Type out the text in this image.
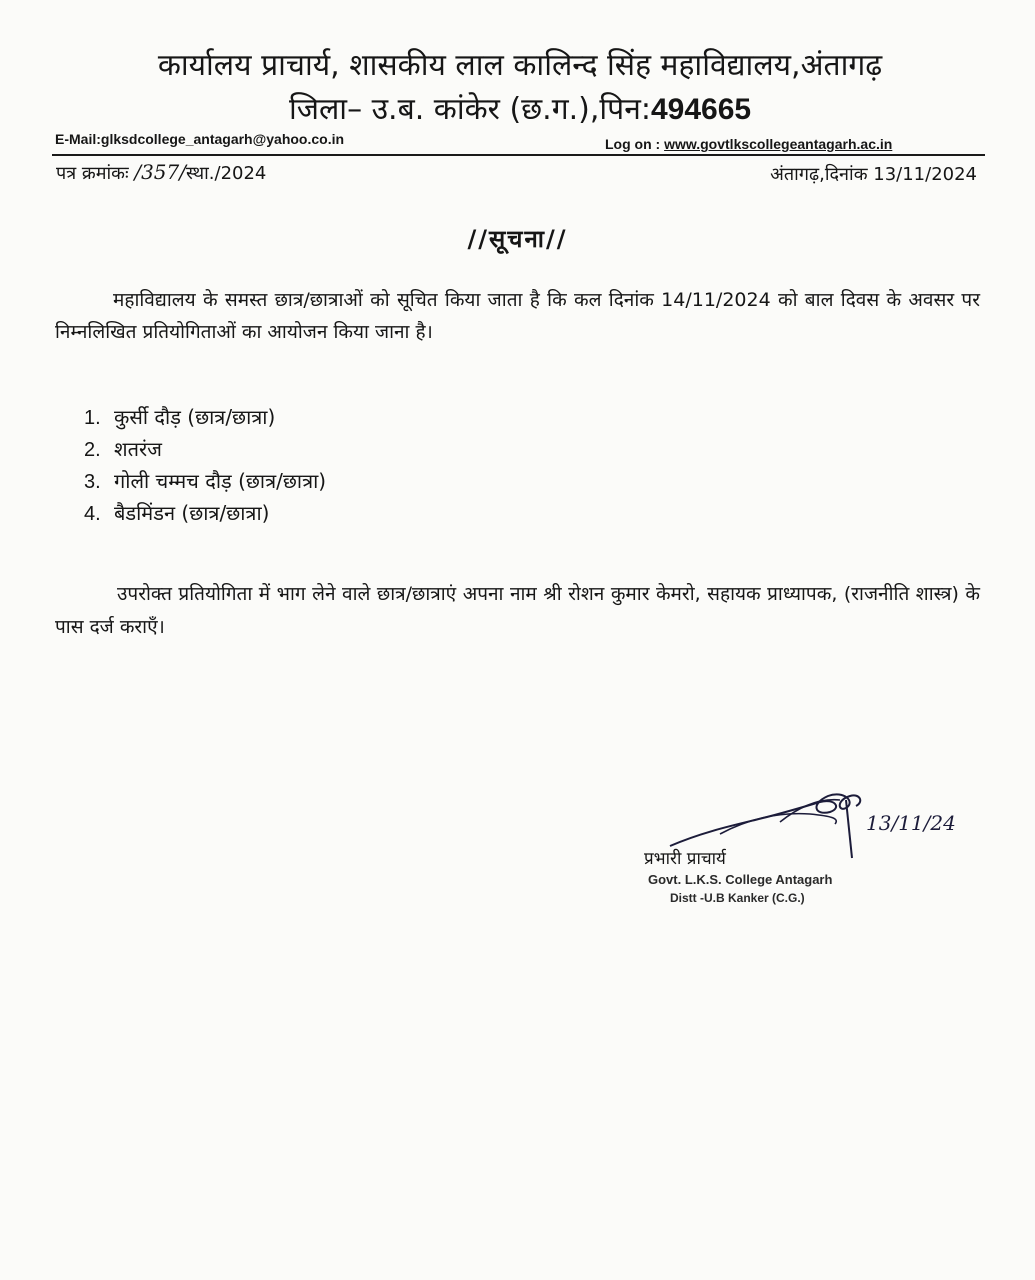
कार्यालय प्राचार्य, शासकीय लाल कालिन्द सिंह महाविद्यालय,अंतागढ़
जिला– उ.ब. कांकेर (छ.ग.),पिन:494665
E-Mail:glksdcollege_antagarh@yahoo.co.in	Log on : www.govtlkscollegeantagarh.ac.in
पत्र क्रमांकः /357/स्था./2024	अंतागढ़,दिनांक 13/11/2024
//सूचना//

महाविद्यालय के समस्त छात्र/छात्राओं को सूचित किया जाता है कि कल दिनांक 14/11/2024 को बाल दिवस के अवसर पर निम्नलिखित प्रतियोगिताओं का आयोजन किया जाना है।

1. कुर्सी दौड़ (छात्र/छात्रा)
2. शतरंज
3. गोली चम्मच दौड़ (छात्र/छात्रा)
4. बैडमिंडन (छात्र/छात्रा)

उपरोक्त प्रतियोगिता में भाग लेने वाले छात्र/छात्राएं अपना नाम श्री रोशन कुमार केमरो, सहायक प्राध्यापक, (राजनीति शास्त्र) के पास दर्ज कराएँ।

13/11/24
प्रभारी प्राचार्य
Govt. L.K.S. College Antagarh
Distt -U.B Kanker (C.G.)
